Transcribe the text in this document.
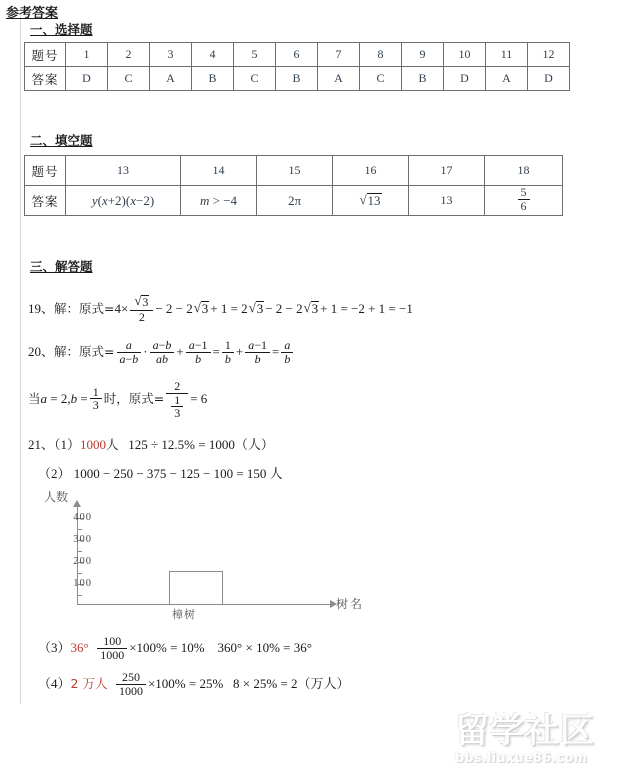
参考答案
一、选择题
题号	1	2	3	4	5	6	7	8	9	10	11	12
答案	D	C	A	B	C	B	A	C	B	D	A	D
二、填空题
题号	13	14	15	16	17	18
答案	y(x+2)(x−2)	m > −4	2π	√ 13	13	$\frac{5}{6}$
三、解答题
19、解：原式=4× √ $\frac{3}{2} - 2 - 2$ √ 3 + 1 = 2 √ 3 − 2 − 2 √ 3 + 1 = −2 + 1 = −1
20、解：原式= $\frac{a}{a-b} \cdot \frac{a-b}{ab} + \frac{a-1}{b} = \frac{1}{b} + \frac{a-1}{b} = \frac{a}{b}$
当$a = 2,b = \frac{1}{3}$ 时，原式= $\frac{2}{\frac{1}{3}} = 6$
21、（1）1000人 125 ÷ 12.5% = 1000（人）
（2） 1000 − 250 − 375 − 125 − 100 = 150 人
人数
树名
400
300
200
100
樟树
$(3)36^\circ \frac{100}{1000} \times 100\% = 10\%$ 360° × 10% = 36°
（4）2 万人 $\frac{250}{1000} \times 100\% = 25\%$ 8 × 25% = 2（万人）
留学社区
bbs.liuxue86.com
